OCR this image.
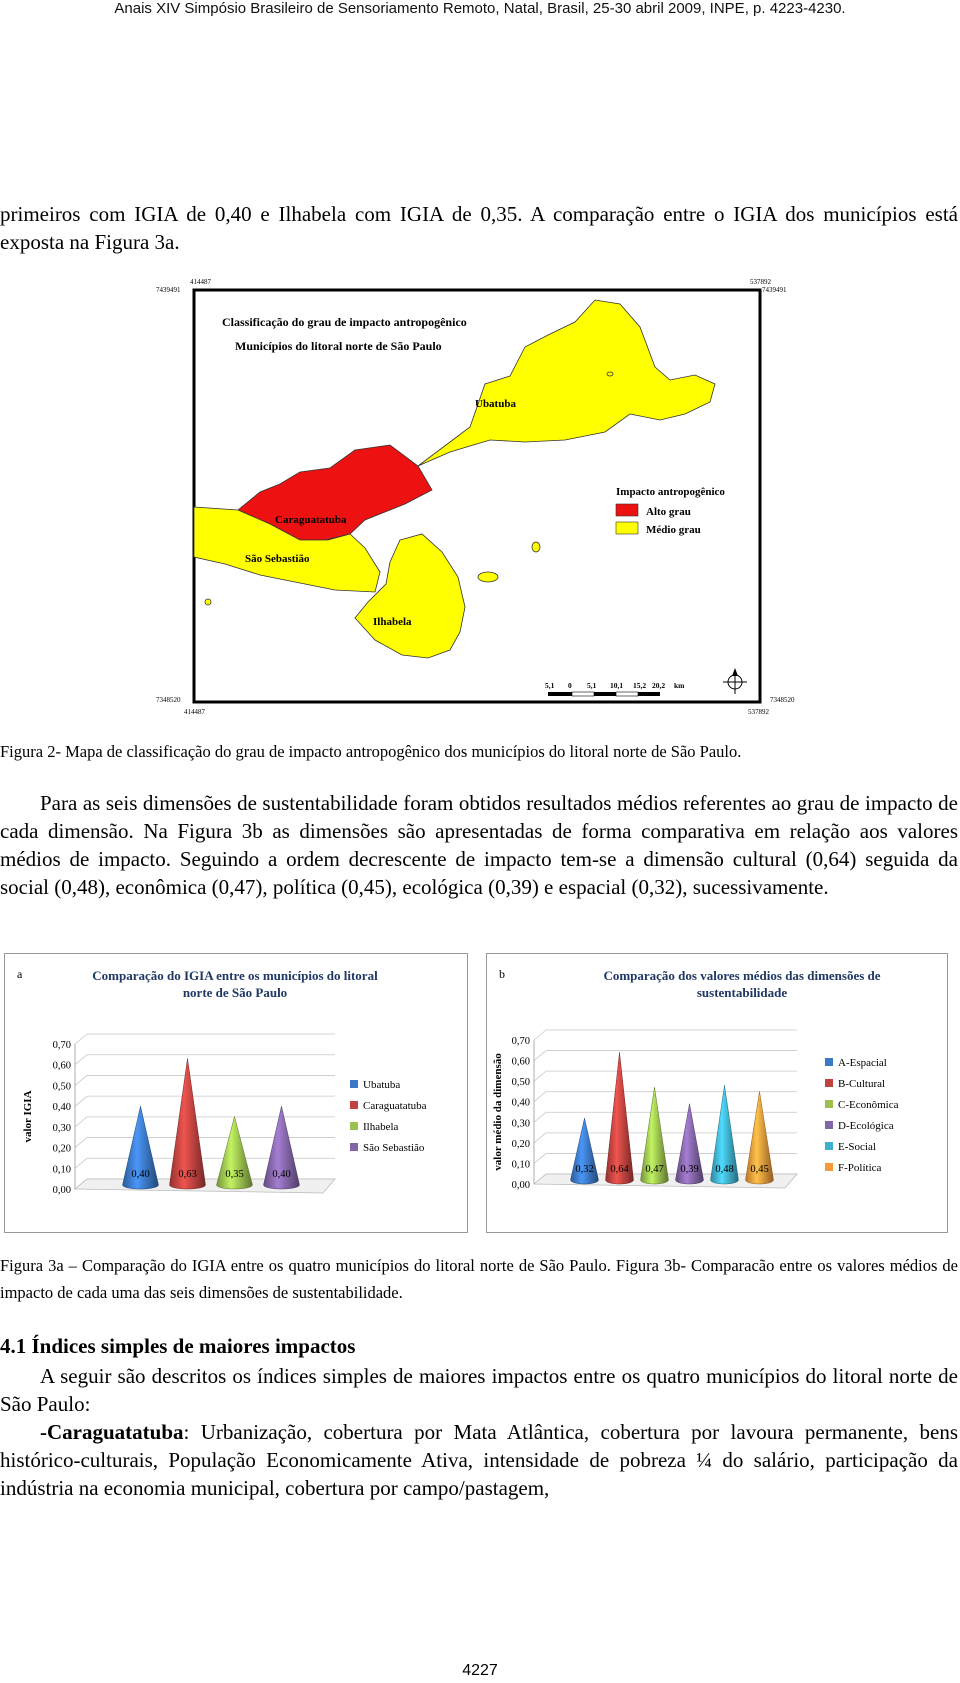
Anais XIV Simpósio Brasileiro de Sensoriamento Remoto, Natal, Brasil, 25-30 abril 2009, INPE, p. 4223-4230.

primeiros com IGIA de 0,40 e Ilhabela com IGIA de 0,35. A comparação entre o IGIA dos municípios está exposta na Figura 3a.

414487
7439491
537892
7439491
7348520
414487
7348520
537892
Classificação do grau de impacto antropogênico
Municípios do litoral norte de São Paulo
Ubatuba
Caraguatatuba
São Sebastião
Ilhabela
Impacto antropogênico
Alto grau
Médio grau
5,1 0 5,1 10,1 15,2 20,2 km

Figura 2- Mapa de classificação do grau de impacto antropogênico dos municípios do litoral norte de São Paulo.

Para as seis dimensões de sustentabilidade foram obtidos resultados médios referentes ao grau de impacto de cada dimensão. Na Figura 3b as dimensões são apresentadas de forma comparativa em relação aos valores médios de impacto. Seguindo a ordem decrescente de impacto tem-se a dimensão cultural (0,64) seguida da social (0,48), econômica (0,47), política (0,45), ecológica (0,39) e espacial (0,32), sucessivamente.

a	Comparação do IGIA entre os municípios do litoral
norte de São Paulo
0,00
0,10
0,20
0,30
0,40
0,50
0,60
0,70
valor IGIA
0,40	0,63	0,35	0,40
Ubatuba
Caraguatatuba
Ilhabela
São Sebastião
b	Comparação dos valores médios das dimensões de
sustentabilidade
0,00
0,10
0,20
0,30
0,40
0,50
0,60
0,70
valor médio da dimensão	0,32 0,64 0,47 0,39 0,48 0,45
A-Espacial
B-Cultural
C-Econômica
D-Ecológica
E-Social
F-Política

Figura 3a – Comparação do IGIA entre os quatro municípios do litoral norte de São Paulo. Figura 3b- Comparacão entre os valores médios de impacto de cada uma das seis dimensões de sustentabilidade.

4.1 Índices simples de maiores impactos

A seguir são descritos os índices simples de maiores impactos entre os quatro municípios do litoral norte de São Paulo:

-Caraguatatuba: Urbanização, cobertura por Mata Atlântica, cobertura por lavoura permanente, bens histórico-culturais, População Economicamente Ativa, intensidade de pobreza ¼ do salário, participação da indústria na economia municipal, cobertura por campo/pastagem,

4227
